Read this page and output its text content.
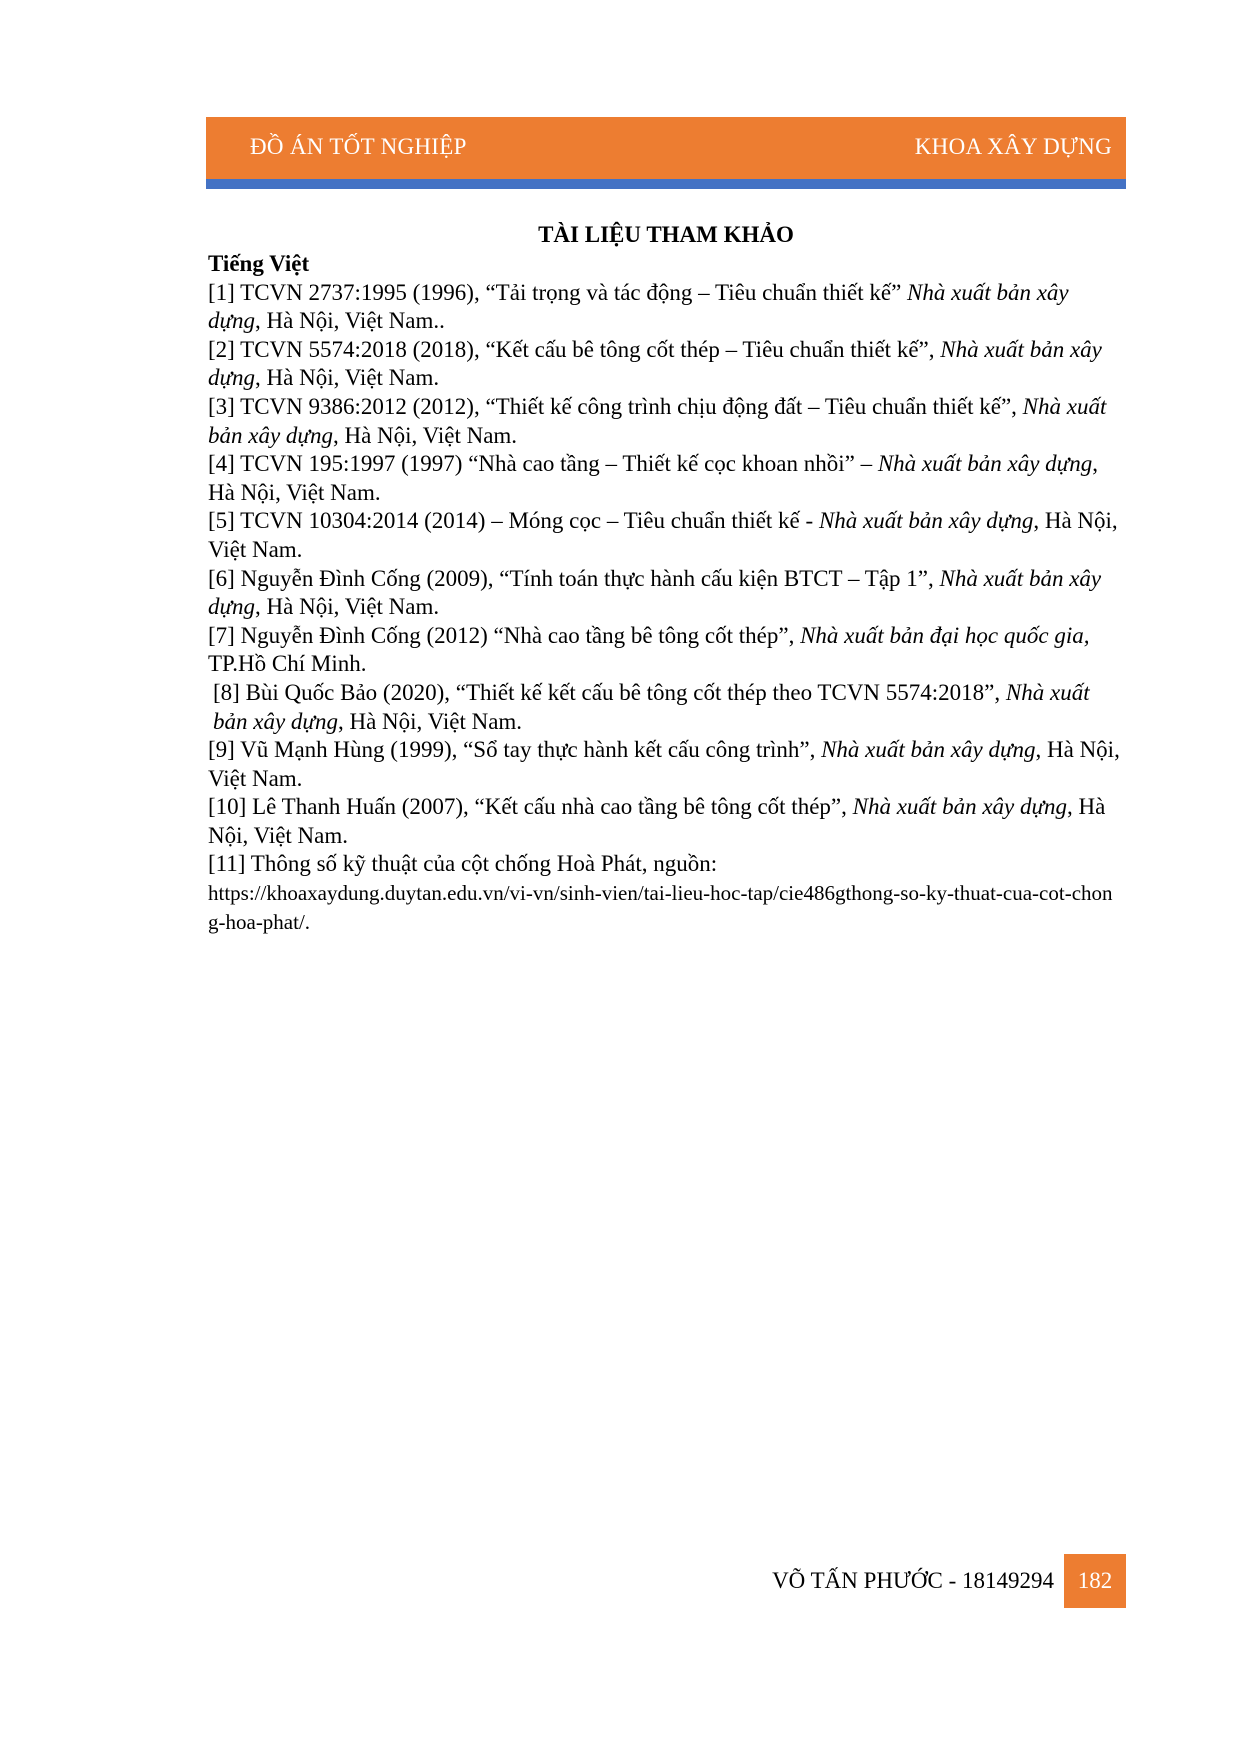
ĐỒ ÁN TỐT NGHIỆP	KHOA XÂY DỰNG
TÀI LIỆU THAM KHẢO
Tiếng Việt

[1] TCVN 2737:1995 (1996), “Tải trọng và tác động – Tiêu chuẩn thiết kế” Nhà xuất bản xây dựng, Hà Nội, Việt Nam..

[2] TCVN 5574:2018 (2018), “Kết cấu bê tông cốt thép – Tiêu chuẩn thiết kế”, Nhà xuất bản xây dựng, Hà Nội, Việt Nam.

[3] TCVN 9386:2012 (2012), “Thiết kế công trình chịu động đất – Tiêu chuẩn thiết kế”, Nhà xuất bản xây dựng, Hà Nội, Việt Nam.

[4] TCVN 195:1997 (1997) “Nhà cao tầng – Thiết kế cọc khoan nhồi” – Nhà xuất bản xây dựng, Hà Nội, Việt Nam.

[5] TCVN 10304:2014 (2014) – Móng cọc – Tiêu chuẩn thiết kế - Nhà xuất bản xây dựng, Hà Nội, Việt Nam.

[6] Nguyễn Đình Cống (2009), “Tính toán thực hành cấu kiện BTCT – Tập 1”, Nhà xuất bản xây dựng, Hà Nội, Việt Nam.

[7] Nguyễn Đình Cống (2012) “Nhà cao tầng bê tông cốt thép”, Nhà xuất bản đại học quốc gia, TP.Hồ Chí Minh.

[8] Bùi Quốc Bảo (2020), “Thiết kế kết cấu bê tông cốt thép theo TCVN 5574:2018”, Nhà xuất bản xây dựng, Hà Nội, Việt Nam.

[9] Vũ Mạnh Hùng (1999), “Sổ tay thực hành kết cấu công trình”, Nhà xuất bản xây dựng, Hà Nội, Việt Nam.

[10] Lê Thanh Huấn (2007), “Kết cấu nhà cao tầng bê tông cốt thép”, Nhà xuất bản xây dựng, Hà Nội, Việt Nam.

[11] Thông số kỹ thuật của cột chống Hoà Phát, nguồn:
https://khoaxaydung.duytan.edu.vn/vi-vn/sinh-vien/tai-lieu-hoc-tap/cie486gthong-so-ky-thuat-cua-cot-chong-hoa-phat/.

VÕ TẤN PHƯỚC - 18149294 182
